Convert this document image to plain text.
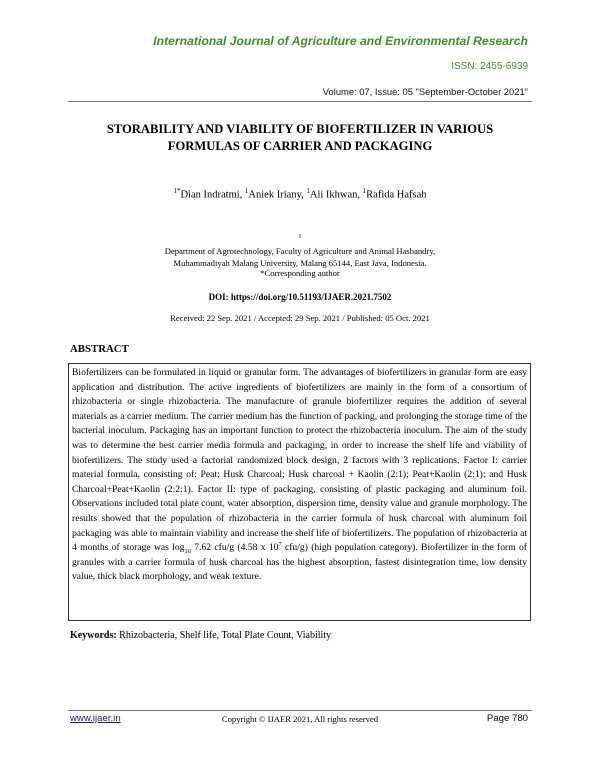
International Journal of Agriculture and Environmental Research
ISSN: 2455-6939
Volume: 07, Issue: 05 "September-October 2021"
STORABILITY AND VIABILITY OF BIOFERTILIZER IN VARIOUS
FORMULAS OF CARRIER AND PACKAGING
$^{1*}$Dian Indratmi, $^1$Aniek Iriany, $^1$Ali Ikhwan, $^1$Rafida Hafsah
$^1$
Department of Agrotechnology, Faculty of Agriculture and Animal Hasbandry,
Muhammadiyah Malang University, Malang 65144, East Java, Indonesia.
*Corresponding author
DOI: https://doi.org/10.51193/IJAER.2021.7502
Received: 22 Sep. 2021 / Accepted: 29 Sep. 2021 / Published: 05 Oct. 2021
ABSTRACT
Biofertilizers can be formulated in liquid or granular form. The advantages of biofertilizers in granular form are easy application and distribution. The active ingredients of biofertilizers are mainly in the form of a consortium of rhizobacteria or single rhizobacteria. The manufacture of granule biofertilizer requires the addition of several materials as a carrier medium. The carrier medium has the function of packing, and prolonging the storage time of the bacterial inoculum. Packaging has an important function to protect the rhizobacteria inoculum. The aim of the study was to determine the best carrier media formula and packaging, in order to increase the shelf life and viability of biofertilizers. The study used a factorial randomized block design, 2 factors with 3 replications. Factor I: carrier material formula, consisting of: Peat; Husk Charcoal; Husk charcoal + Kaolin (2:1); Peat+Kaolin (2:1); and Husk Charcoal+Peat+Kaolin (2:2:1). Factor II: type of packaging, consisting of plastic packaging and aluminum foil. Observations included total plate count, water absorption, dispersion time, density value and granule morphology. The results showed that the population of rhizobacteria in the carrier formula of husk charcoal with aluminum foil packaging was able to maintain viability and increase the shelf life of biofertilizers. The population of rhizobacteria at 4 months of storage was $\log_{10} 7.62$ cfu/g (4.58 x $10^7$ cfu/g) (high population category). Biofertilizer in the form of granules with a carrier formula of husk charcoal has the highest absorption, fastest disintegration time, low density value, thick black morphology, and weak texture.
Keywords: Rhizobacteria, Shelf life, Total Plate Count, Viability
www.ijaer.in	Copyright © IJAER 2021, All rights reserved	Page 780
